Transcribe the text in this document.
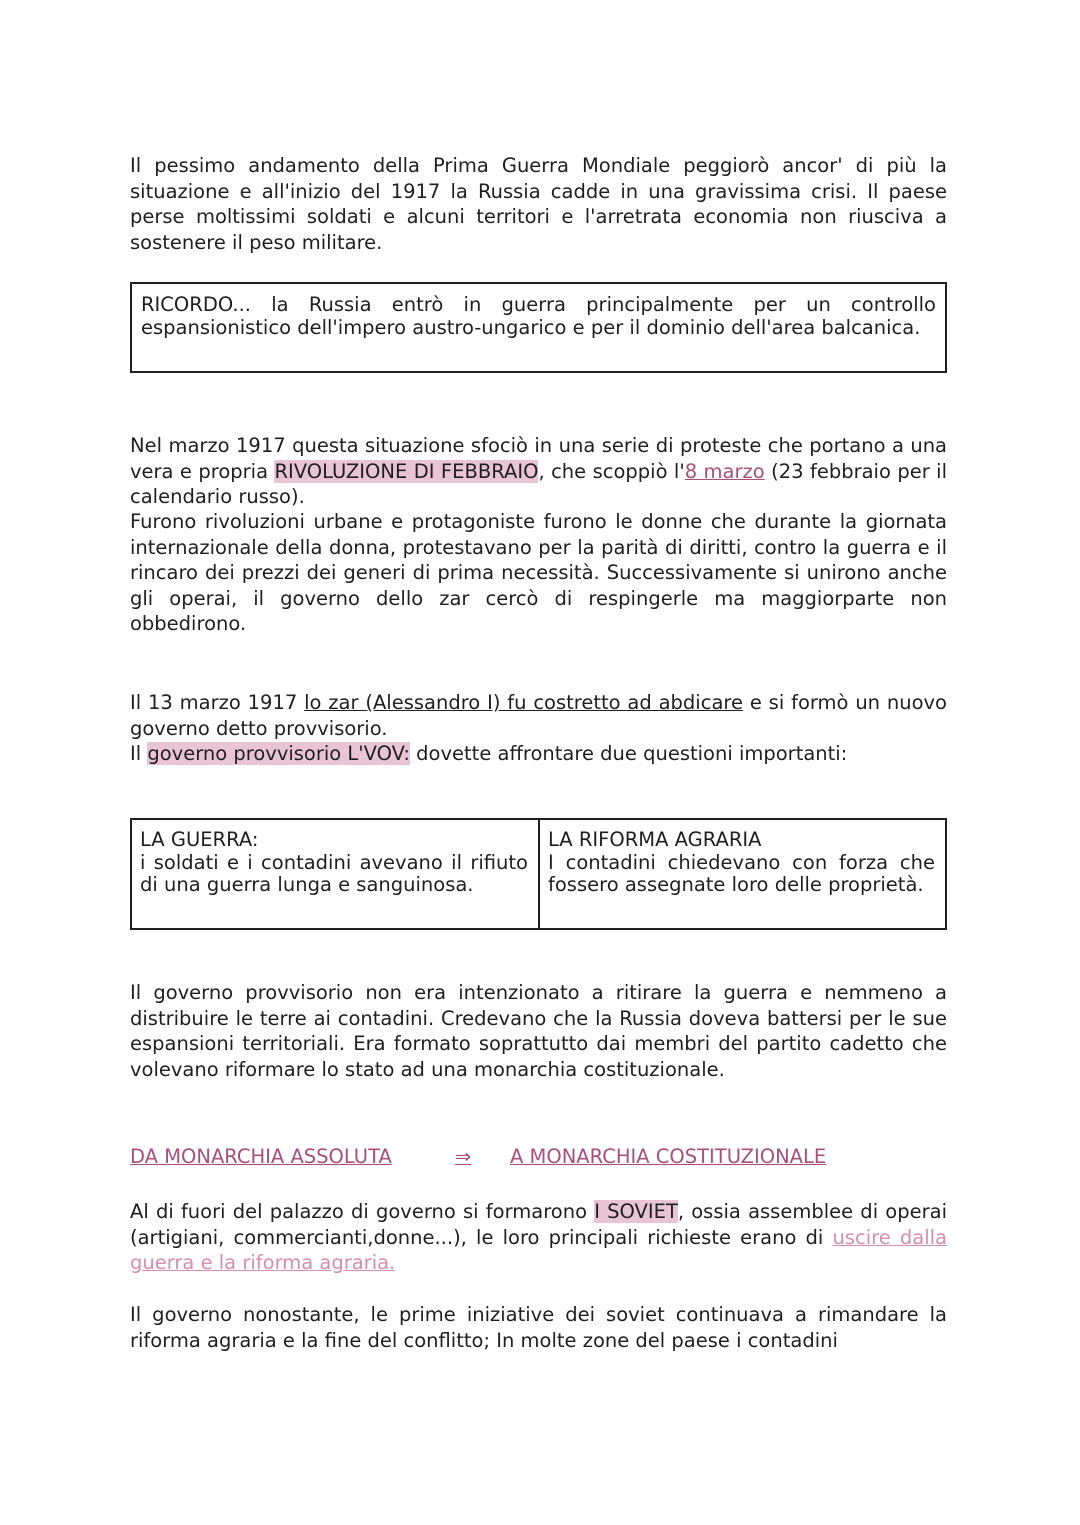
Il pessimo andamento della Prima Guerra Mondiale peggiorò ancor' di più la situazione e all'inizio del 1917 la Russia cadde in una gravissima crisi. Il paese perse moltissimi soldati e alcuni territori e l'arretrata economia non riusciva a sostenere il peso militare.

RICORDO... la Russia entrò in guerra principalmente per un controllo espansionistico dell'impero austro-ungarico e per il dominio dell'area balcanica.

Nel marzo 1917 questa situazione sfociò in una serie di proteste che portano a una vera e propria RIVOLUZIONE DI FEBBRAIO, che scoppiò l'8 marzo (23 febbraio per il calendario russo).

Furono rivoluzioni urbane e protagoniste furono le donne che durante la giornata internazionale della donna, protestavano per la parità di diritti, contro la guerra e il rincaro dei prezzi dei generi di prima necessità. Successivamente si unirono anche gli operai, il governo dello zar cercò di respingerle ma maggiorparte non obbedirono.

Il 13 marzo 1917 lo zar (Alessandro I) fu costretto ad abdicare e si formò un nuovo governo detto provvisorio.

Il governo provvisorio L'VOV: dovette affrontare due questioni importanti:

LA GUERRA:
i soldati e i contadini avevano il rifiuto di una guerra lunga e sanguinosa.
LA RIFORMA AGRARIA
I contadini chiedevano con forza che fossero assegnate loro delle proprietà.

Il governo provvisorio non era intenzionato a ritirare la guerra e nemmeno a distribuire le terre ai contadini. Credevano che la Russia doveva battersi per le sue espansioni territoriali. Era formato soprattutto dai membri del partito cadetto che volevano riformare lo stato ad una monarchia costituzionale.

DA MONARCHIA ASSOLUTA	⇒	A MONARCHIA COSTITUZIONALE

Al di fuori del palazzo di governo si formarono I SOVIET, ossia assemblee di operai (artigiani, commercianti,donne...), le loro principali richieste erano di uscire dalla guerra e la riforma agraria.

Il governo nonostante, le prime iniziative dei soviet continuava a rimandare la riforma agraria e la fine del conflitto; In molte zone del paese i contadini
